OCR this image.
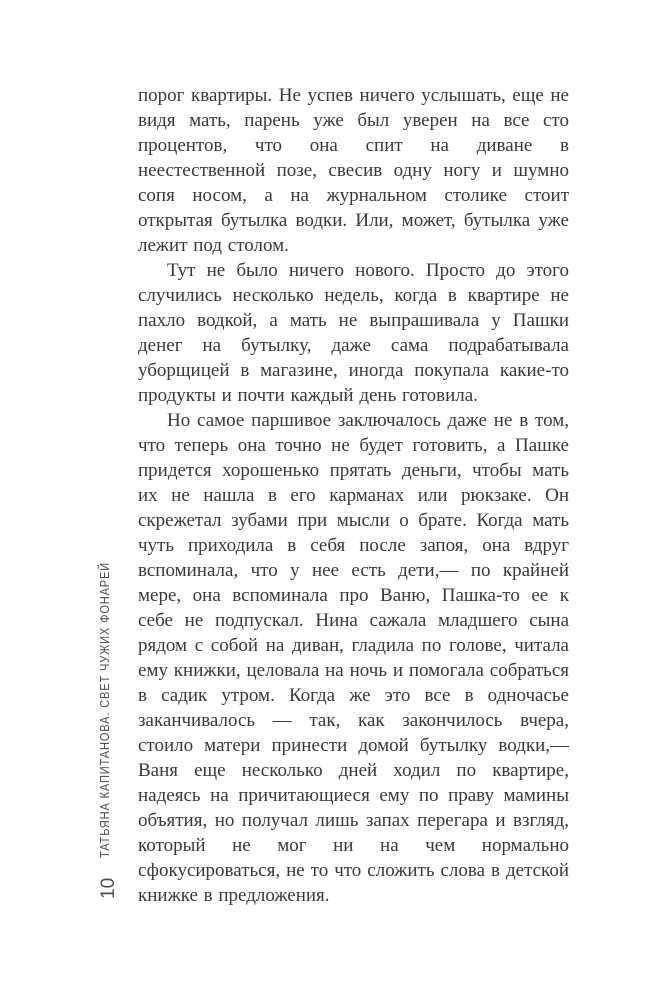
ТАТЬЯНА КАПИТАНОВА. СВЕТ ЧУЖИХ ФОНАРЕЙ
10

порог квартиры. Не успев ничего услышать, еще не видя мать, парень уже был уверен на все сто процентов, что она спит на диване в неестественной позе, свесив одну ногу и шумно сопя носом, а на журнальном столике стоит открытая бутылка водки. Или, может, бутылка уже лежит под столом.

Тут не было ничего нового. Просто до этого случились несколько недель, когда в квартире не пахло водкой, а мать не выпрашивала у Пашки денег на бутылку, даже сама подрабатывала уборщицей в магазине, иногда покупала какие-то продукты и почти каждый день готовила.

Но самое паршивое заключалось даже не в том, что теперь она точно не будет готовить, а Пашке придется хорошенько прятать деньги, чтобы мать их не нашла в его карманах или рюкзаке. Он скрежетал зубами при мысли о брате. Когда мать чуть приходила в себя после запоя, она вдруг вспоминала, что у нее есть дети,— по крайней мере, она вспоминала про Ваню, Пашка-то ее к себе не подпускал. Нина сажала младшего сына рядом с собой на диван, гладила по голове, читала ему книжки, целовала на ночь и помогала собраться в садик утром. Когда же это все в одночасье заканчивалось — так, как закончилось вчера, стоило матери принести домой бутылку водки,— Ваня еще несколько дней ходил по квартире, надеясь на причитающиеся ему по праву мамины объятия, но получал лишь запах перегара и взгляд, который не мог ни на чем нормально сфокусироваться, не то что сложить слова в детской книжке в предложения.
